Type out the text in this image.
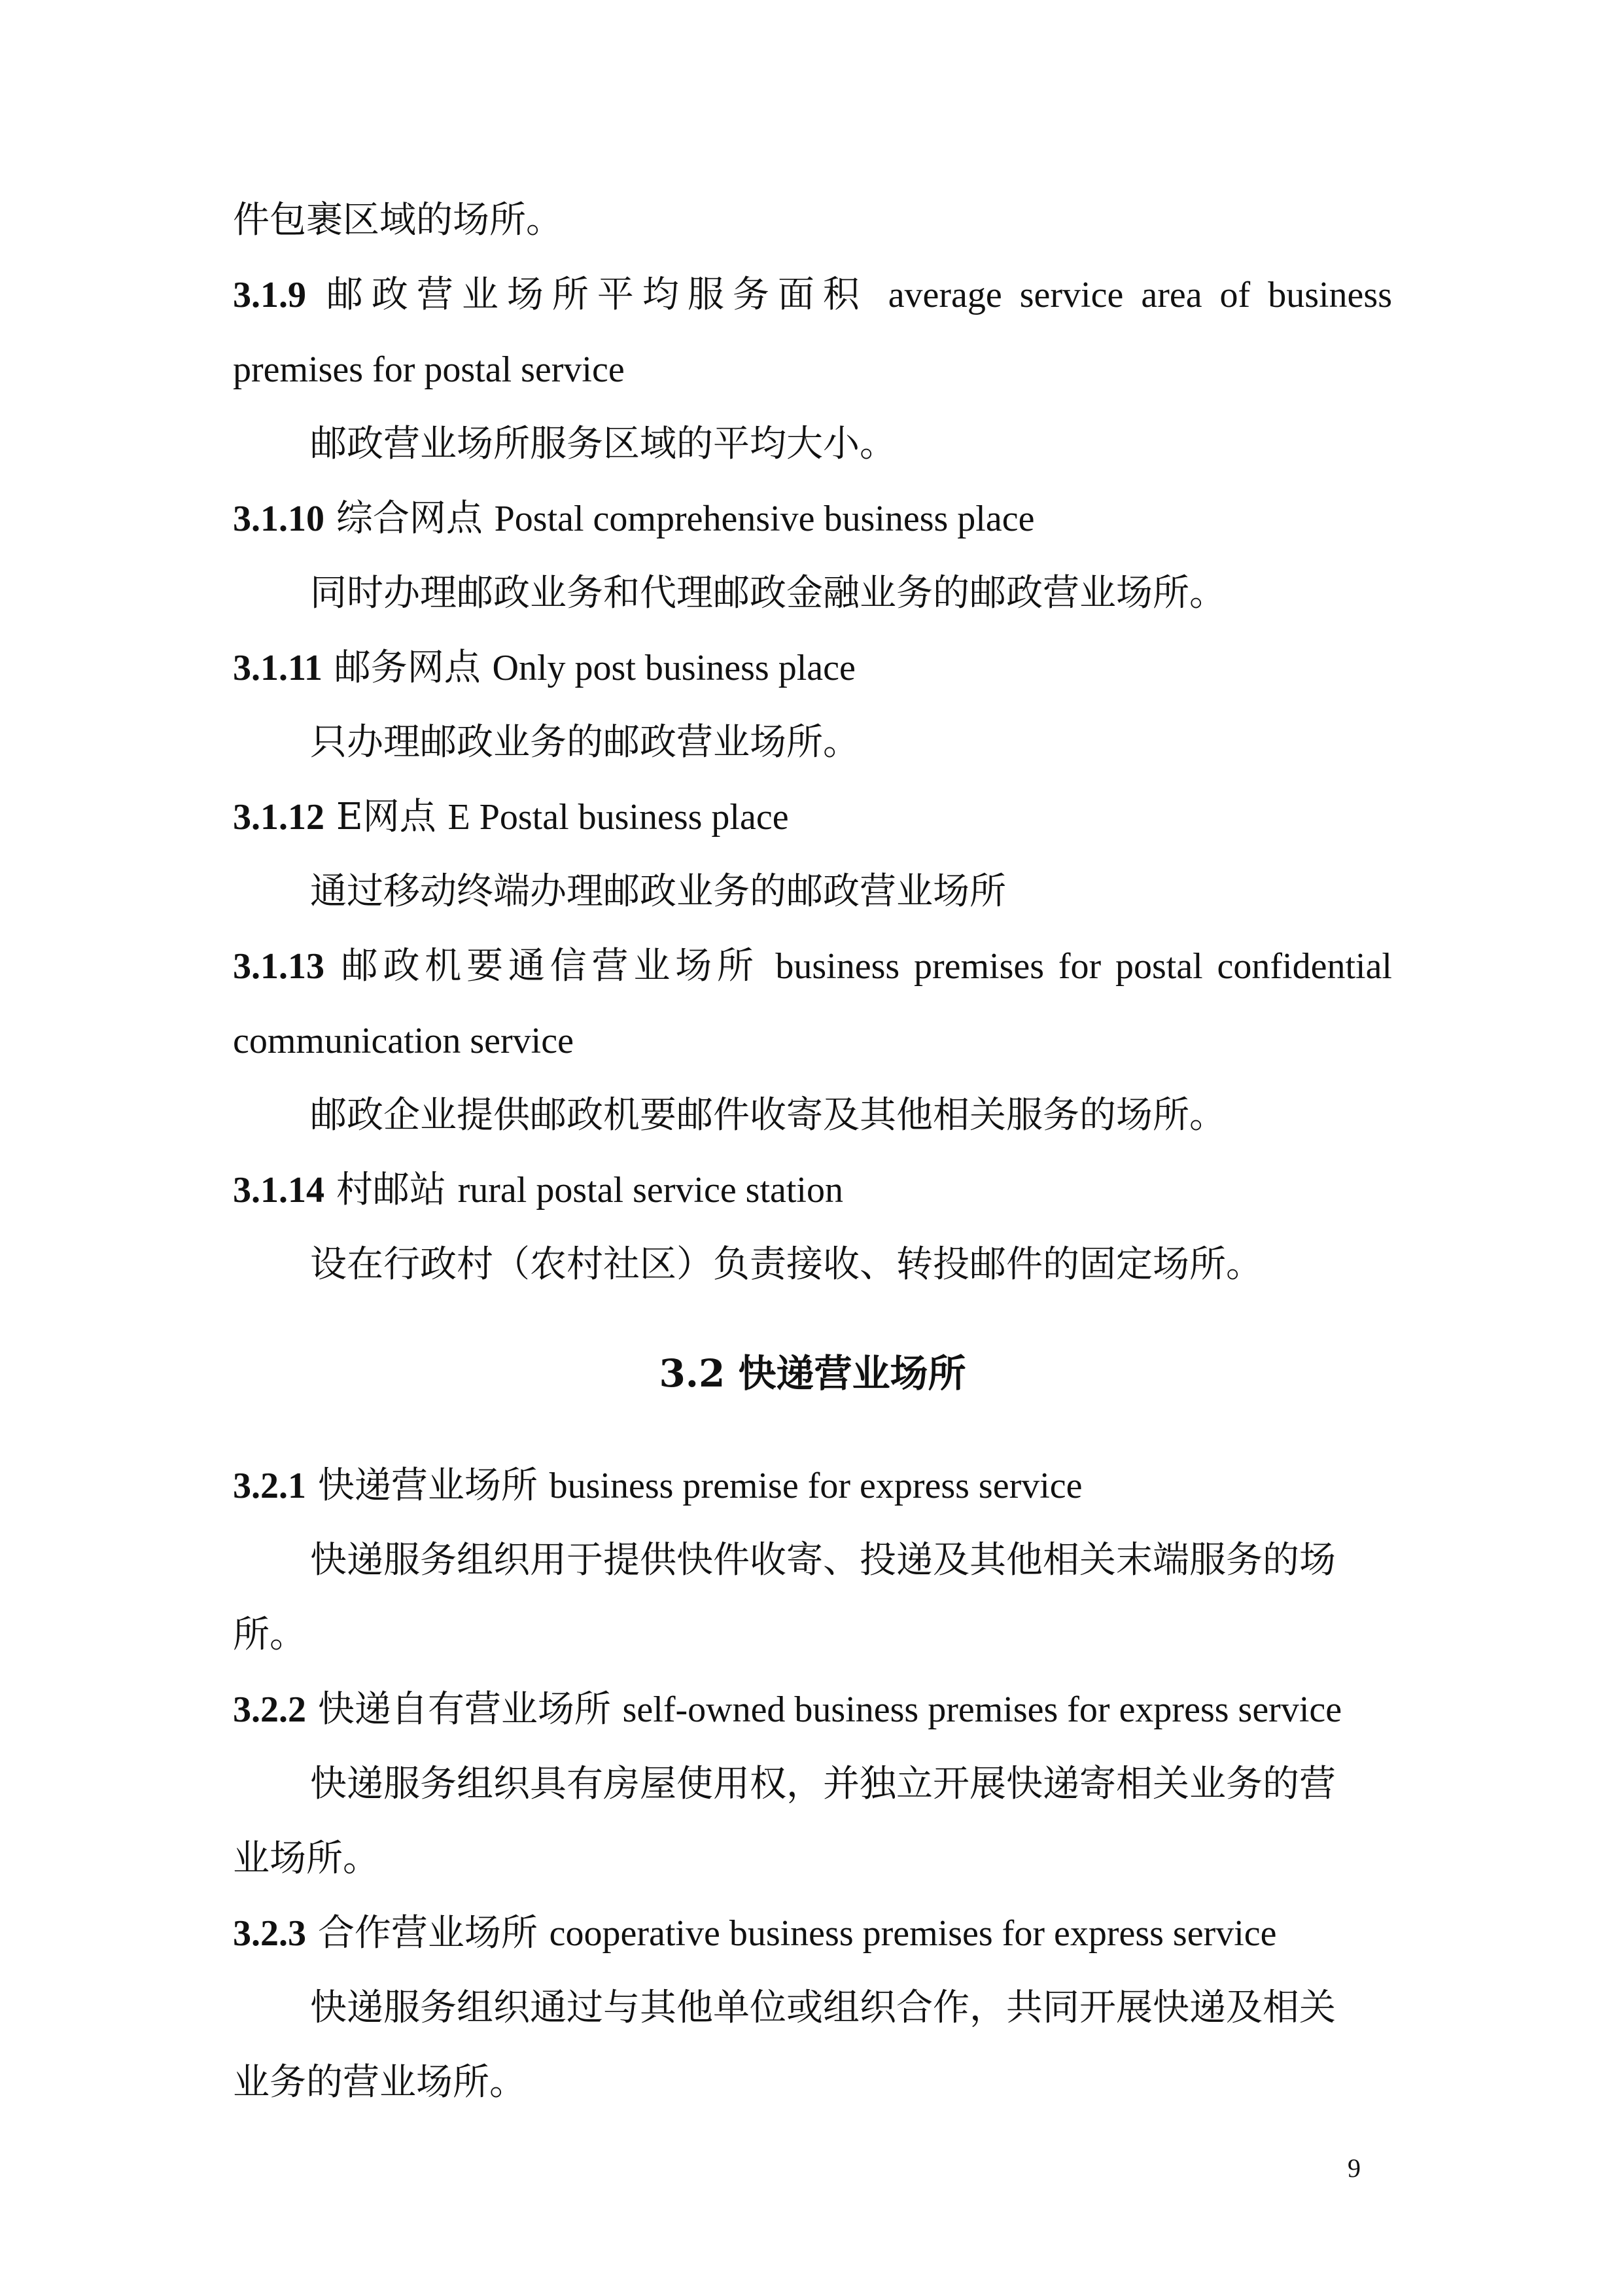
件包裹区域的场所。

3.1.9 邮政营业场所平均服务面积 average service area of business

premises for postal service

邮政营业场所服务区域的平均大小。

3.1.10 综合网点 Postal comprehensive business place

同时办理邮政业务和代理邮政金融业务的邮政营业场所。

3.1.11 邮务网点 Only post business place

只办理邮政业务的邮政营业场所。

3.1.12 E网点 E Postal business place

通过移动终端办理邮政业务的邮政营业场所

3.1.13 邮政机要通信营业场所 business premises for postal confidential

communication service

邮政企业提供邮政机要邮件收寄及其他相关服务的场所。

3.1.14 村邮站 rural postal service station

设在行政村（农村社区）负责接收、转投邮件的固定场所。

3.2 快递营业场所

3.2.1 快递营业场所 business premise for express service

快递服务组织用于提供快件收寄、投递及其他相关末端服务的场

所。

3.2.2 快递自有营业场所 self-owned business premises for express service

快递服务组织具有房屋使用权，并独立开展快递寄相关业务的营

业场所。

3.2.3 合作营业场所 cooperative business premises for express service

快递服务组织通过与其他单位或组织合作，共同开展快递及相关

业务的营业场所。

9
